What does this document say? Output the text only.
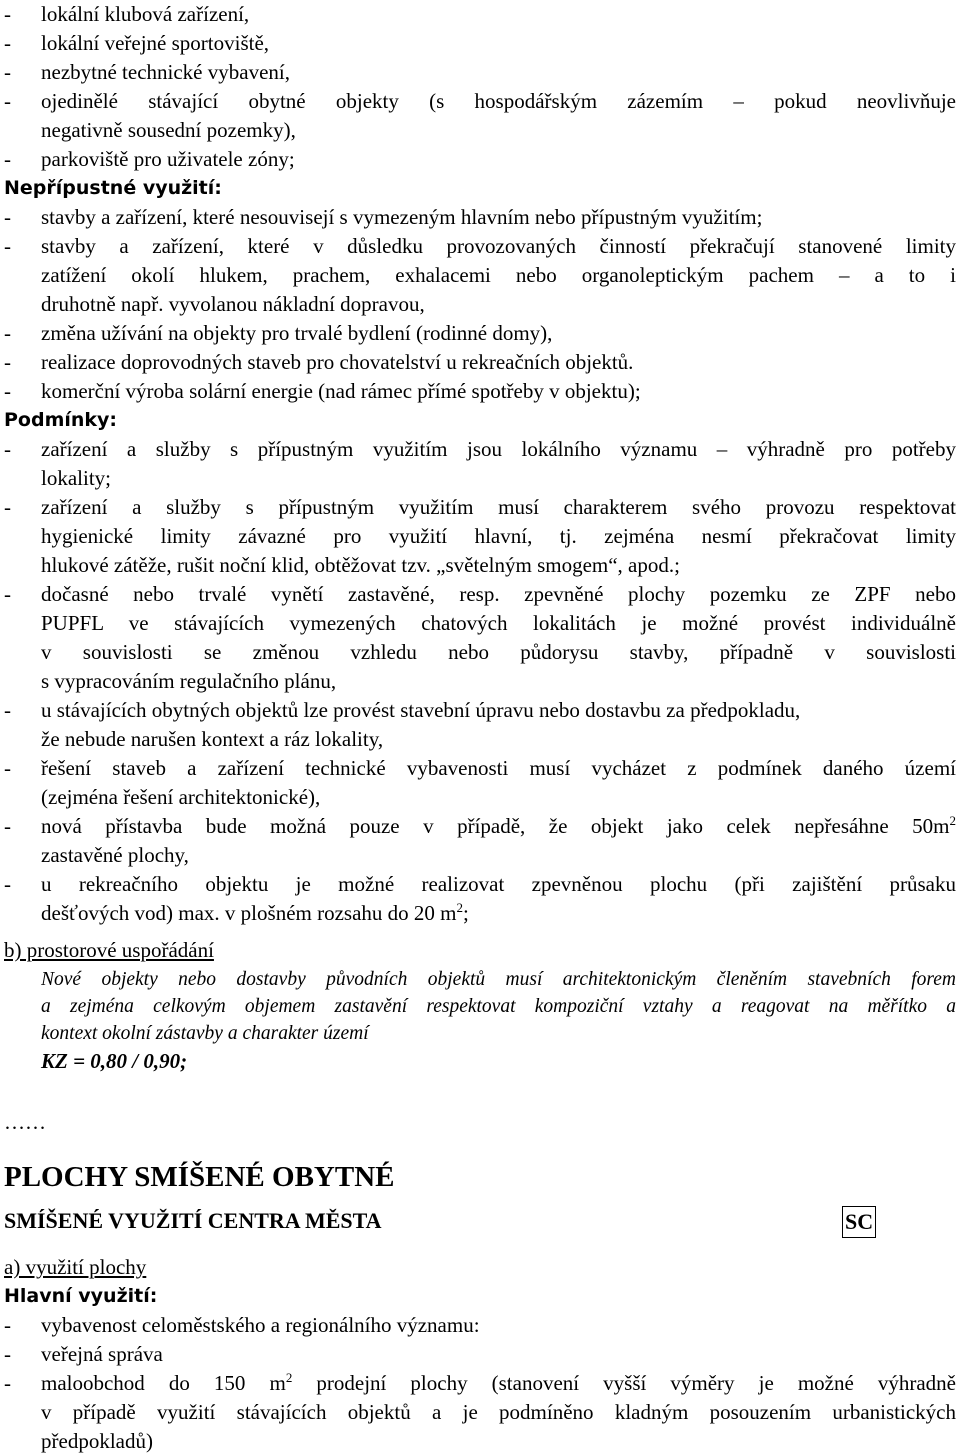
- lokální klubová zařízení,
- lokální veřejné sportoviště,
- nezbytné technické vybavení,
- ojedinělé stávající obytné objekty (s hospodářským zázemím – pokud neovlivňuje
negativně sousední pozemky),
- parkoviště pro uživatele zóny;
Nepřípustné využití:
- stavby a zařízení, které nesouvisejí s vymezeným hlavním nebo přípustným využitím;
- stavby a zařízení, které v důsledku provozovaných činností překračují stanovené limity
zatížení okolí hlukem, prachem, exhalacemi nebo organoleptickým pachem – a to i
druhotně např. vyvolanou nákladní dopravou,
- změna užívání na objekty pro trvalé bydlení (rodinné domy),
- realizace doprovodných staveb pro chovatelství u rekreačních objektů.
- komerční výroba solární energie (nad rámec přímé spotřeby v objektu);
Podmínky:
- zařízení a služby s přípustným využitím jsou lokálního významu – výhradně pro potřeby
lokality;
- zařízení a služby s přípustným využitím musí charakterem svého provozu respektovat
hygienické limity závazné pro využití hlavní, tj. zejména nesmí překračovat limity
hlukové zátěže, rušit noční klid, obtěžovat tzv. „světelným smogem“, apod.;
- dočasné nebo trvalé vynětí zastavěné, resp. zpevněné plochy pozemku ze ZPF nebo
PUPFL ve stávajících vymezených chatových lokalitách je možné provést individuálně
v souvislosti se změnou vzhledu nebo půdorysu stavby, případně v souvislosti
s vypracováním regulačního plánu,
- u stávajících obytných objektů lze provést stavební úpravu nebo dostavbu za předpokladu,
že nebude narušen kontext a ráz lokality,
- řešení staveb a zařízení technické vybavenosti musí vycházet z podmínek daného území
(zejména řešení architektonické),
- nová přístavba bude možná pouze v případě, že objekt jako celek nepřesáhne $50m^2$
zastavěné plochy,
- u rekreačního objektu je možné realizovat zpevněnou plochu (při zajištění průsaku
dešťových vod) max. v plošném rozsahu do 20 $m^2$;
b) prostorové uspořádání
Nové objekty nebo dostavby původních objektů musí architektonickým členěním stavebních forem
a zejména celkovým objemem zastavění respektovat kompoziční vztahy a reagovat na měřítko a
kontext okolní zástavby a charakter území
KZ = 0,80 / 0,90;
……
PLOCHY SMÍŠENÉ OBYTNÉ
SMÍŠENÉ VYUŽITÍ CENTRA MĚSTA	SC
a) využití plochy
Hlavní využití:
- vybavenost celoměstského a regionálního významu:
- veřejná správa
- maloobchod do 150 $m^2$ prodejní plochy (stanovení vyšší výměry je možné výhradně
v případě využití stávajících objektů a je podmíněno kladným posouzením urbanistických
předpokladů)
